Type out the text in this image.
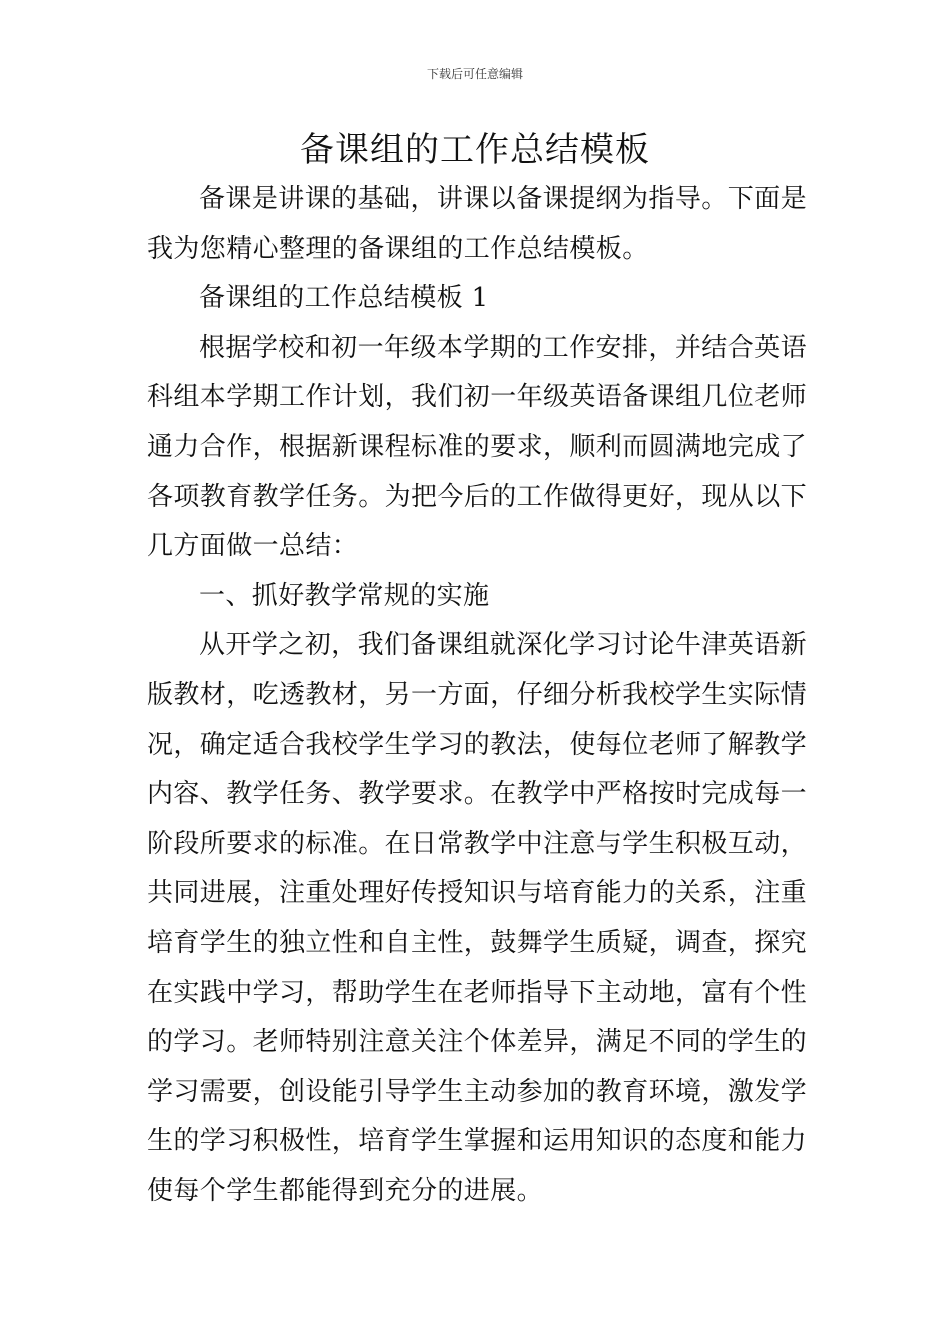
下载后可任意编辑
备课组的工作总结模板

备课是讲课的基础，讲课以备课提纲为指导。下面是我为您精心整理的备课组的工作总结模板。

备课组的工作总结模板 1

根据学校和初一年级本学期的工作安排，并结合英语科组本学期工作计划，我们初一年级英语备课组几位老师通力合作，根据新课程标准的要求，顺利而圆满地完成了各项教育教学任务。为把今后的工作做得更好，现从以下几方面做一总结：

一、抓好教学常规的实施

从开学之初，我们备课组就深化学习讨论牛津英语新版教材，吃透教材，另一方面，仔细分析我校学生实际情况，确定适合我校学生学习的教法，使每位老师了解教学内容、教学任务、教学要求。在教学中严格按时完成每一阶段所要求的标准。在日常教学中注意与学生积极互动，共同进展，注重处理好传授知识与培育能力的关系，注重培育学生的独立性和自主性，鼓舞学生质疑，调查，探究在实践中学习，帮助学生在老师指导下主动地，富有个性的学习。老师特别注意关注个体差异，满足不同的学生的学习需要，创设能引导学生主动参加的教育环境，激发学生的学习积极性，培育学生掌握和运用知识的态度和能力使每个学生都能得到充分的进展。
